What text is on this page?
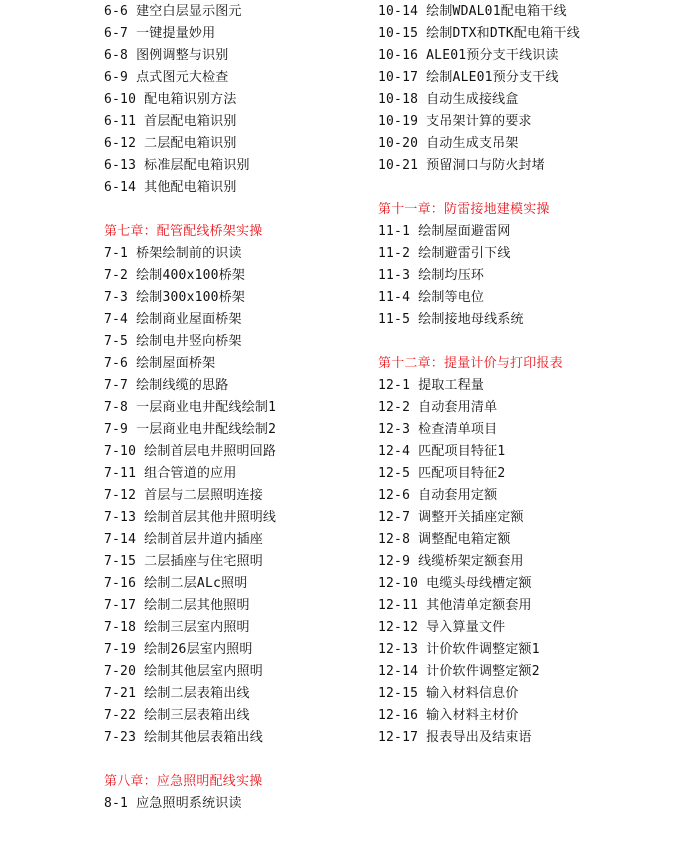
6-6 建空白层显示图元
6-7 一键提量妙用
6-8 图例调整与识别
6-9 点式图元大检查
6-10 配电箱识别方法
6-11 首层配电箱识别
6-12 二层配电箱识别
6-13 标准层配电箱识别
6-14 其他配电箱识别
第七章：配管配线桥架实操
7-1 桥架绘制前的识读
7-2 绘制400x100桥架
7-3 绘制300x100桥架
7-4 绘制商业屋面桥架
7-5 绘制电井竖向桥架
7-6 绘制屋面桥架
7-7 绘制线缆的思路
7-8 一层商业电井配线绘制1
7-9 一层商业电井配线绘制2
7-10 绘制首层电井照明回路
7-11 组合管道的应用
7-12 首层与二层照明连接
7-13 绘制首层其他井照明线
7-14 绘制首层井道内插座
7-15 二层插座与住宅照明
7-16 绘制二层ALc照明
7-17 绘制二层其他照明
7-18 绘制三层室内照明
7-19 绘制26层室内照明
7-20 绘制其他层室内照明
7-21 绘制二层表箱出线
7-22 绘制三层表箱出线
7-23 绘制其他层表箱出线
第八章：应急照明配线实操
8-1 应急照明系统识读
10-14 绘制WDAL01配电箱干线
10-15 绘制DTX和DTK配电箱干线
10-16 ALE01预分支干线识读
10-17 绘制ALE01预分支干线
10-18 自动生成接线盒
10-19 支吊架计算的要求
10-20 自动生成支吊架
10-21 预留洞口与防火封堵
第十一章：防雷接地建模实操
11-1 绘制屋面避雷网
11-2 绘制避雷引下线
11-3 绘制均压环
11-4 绘制等电位
11-5 绘制接地母线系统
第十二章：提量计价与打印报表
12-1 提取工程量
12-2 自动套用清单
12-3 检查清单项目
12-4 匹配项目特征1
12-5 匹配项目特征2
12-6 自动套用定额
12-7 调整开关插座定额
12-8 调整配电箱定额
12-9 线缆桥架定额套用
12-10 电缆头母线槽定额
12-11 其他清单定额套用
12-12 导入算量文件
12-13 计价软件调整定额1
12-14 计价软件调整定额2
12-15 输入材料信息价
12-16 输入材料主材价
12-17 报表导出及结束语
